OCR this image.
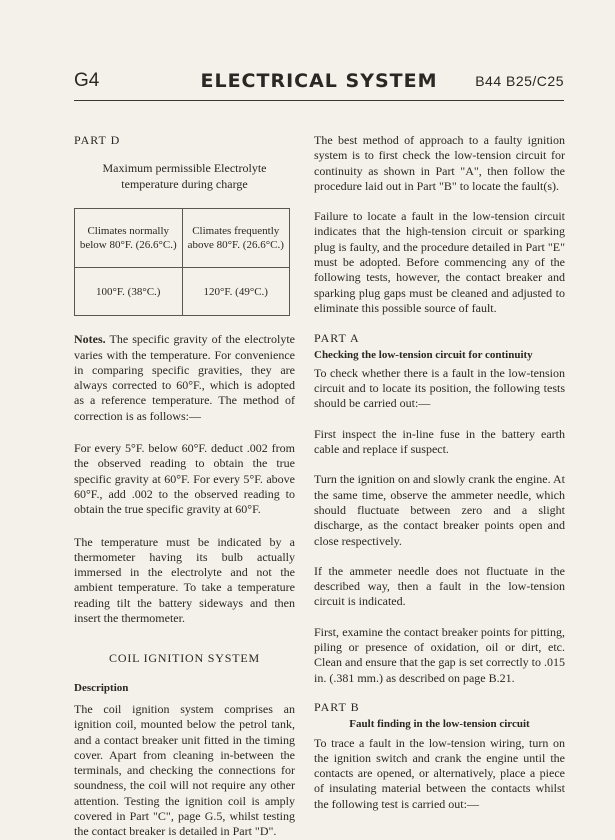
G4	ELECTRICAL SYSTEM	B44 B25/C25
PART D

Maximum permissible Electrolyte temperature during charge

Climates normally below 80°F. (26.6°C.)	Climates frequently above 80°F. (26.6°C.)
100°F. (38°C.)	120°F. (49°C.)

Notes. The specific gravity of the electrolyte varies with the temperature. For convenience in comparing specific gravities, they are always corrected to 60°F., which is adopted as a reference temperature. The method of correction is as follows:—

For every 5°F. below 60°F. deduct .002 from the observed reading to obtain the true specific gravity at 60°F. For every 5°F. above 60°F., add .002 to the observed reading to obtain the true specific gravity at 60°F.

The temperature must be indicated by a thermometer having its bulb actually immersed in the electrolyte and not the ambient temperature. To take a temperature reading tilt the battery sideways and then insert the thermometer.

COIL IGNITION SYSTEM
Description

The coil ignition system comprises an ignition coil, mounted below the petrol tank, and a contact breaker unit fitted in the timing cover. Apart from cleaning in-between the terminals, and checking the connections for soundness, the coil will not require any other attention. Testing the ignition coil is amply covered in Part "C", page G.5, whilst testing the contact breaker is detailed in Part "D".

The best method of approach to a faulty ignition system is to first check the low-tension circuit for continuity as shown in Part "A", then follow the procedure laid out in Part "B" to locate the fault(s).

Failure to locate a fault in the low-tension circuit indicates that the high-tension circuit or sparking plug is faulty, and the procedure detailed in Part "E" must be adopted. Before commencing any of the following tests, however, the contact breaker and sparking plug gaps must be cleaned and adjusted to eliminate this possible source of fault.

PART A
Checking the low-tension circuit for continuity

To check whether there is a fault in the low-tension circuit and to locate its position, the following tests should be carried out:—

First inspect the in-line fuse in the battery earth cable and replace if suspect.

Turn the ignition on and slowly crank the engine. At the same time, observe the ammeter needle, which should fluctuate between zero and a slight discharge, as the contact breaker points open and close respectively.

If the ammeter needle does not fluctuate in the described way, then a fault in the low-tension circuit is indicated.

First, examine the contact breaker points for pitting, piling or presence of oxidation, oil or dirt, etc. Clean and ensure that the gap is set correctly to .015 in. (.381 mm.) as described on page B.21.

PART B
Fault finding in the low-tension circuit

To trace a fault in the low-tension wiring, turn on the ignition switch and crank the engine until the contacts are opened, or alternatively, place a piece of insulating material between the contacts whilst the following test is carried out:—
